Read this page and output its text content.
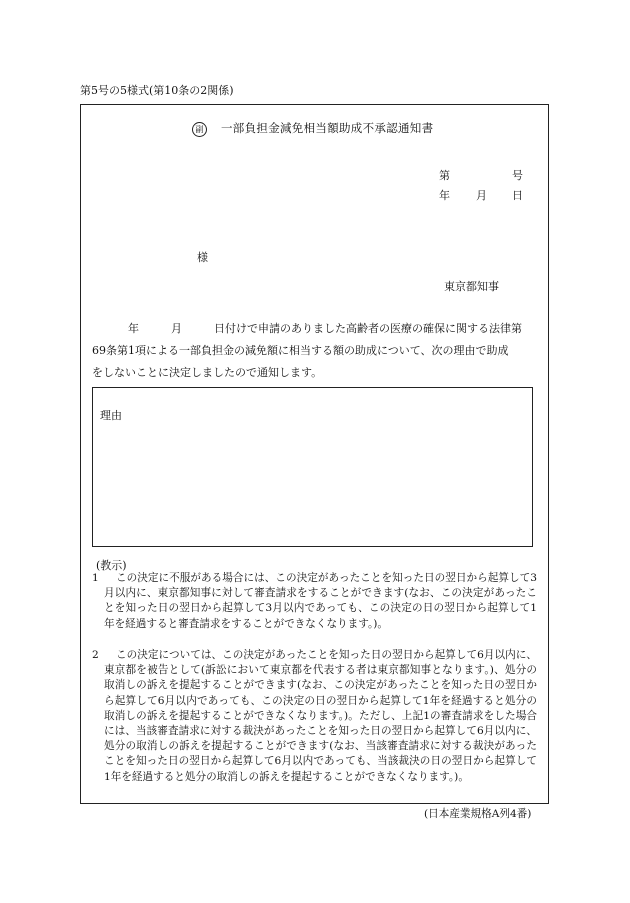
第5号の5様式(第10条の2関係)
副 一部負担金減免相当額助成不承認通知書
第	号
年 月 日
様
東京都知事
年	月	日付けで申請のありました高齢者の医療の確保に関する法律第
69条第1項による一部負担金の減免額に相当する額の助成について、次の理由で助成
をしないことに決定しましたので通知します。
理由
(教示)
1	この決定に不服がある場合には、この決定があったことを知った日の翌日から起算して3月以内に、東京都知事に対して審査請求をすることができます(なお、この決定があったことを知った日の翌日から起算して3月以内であっても、この決定の日の翌日から起算して1年を経過すると審査請求をすることができなくなります。)。
2	この決定については、この決定があったことを知った日の翌日から起算して6月以内に、東京都を被告として(訴訟において東京都を代表する者は東京都知事となります。)、処分の取消しの訴えを提起することができます(なお、この決定があったことを知った日の翌日から起算して6月以内であっても、この決定の日の翌日から起算して1年を経過すると処分の取消しの訴えを提起することができなくなります。)。ただし、上記1の審査請求をした場合には、当該審査請求に対する裁決があったことを知った日の翌日から起算して6月以内に、処分の取消しの訴えを提起することができます(なお、当該審査請求に対する裁決があったことを知った日の翌日から起算して6月以内であっても、当該裁決の日の翌日から起算して1年を経過すると処分の取消しの訴えを提起することができなくなります。)。
(日本産業規格A列4番)
